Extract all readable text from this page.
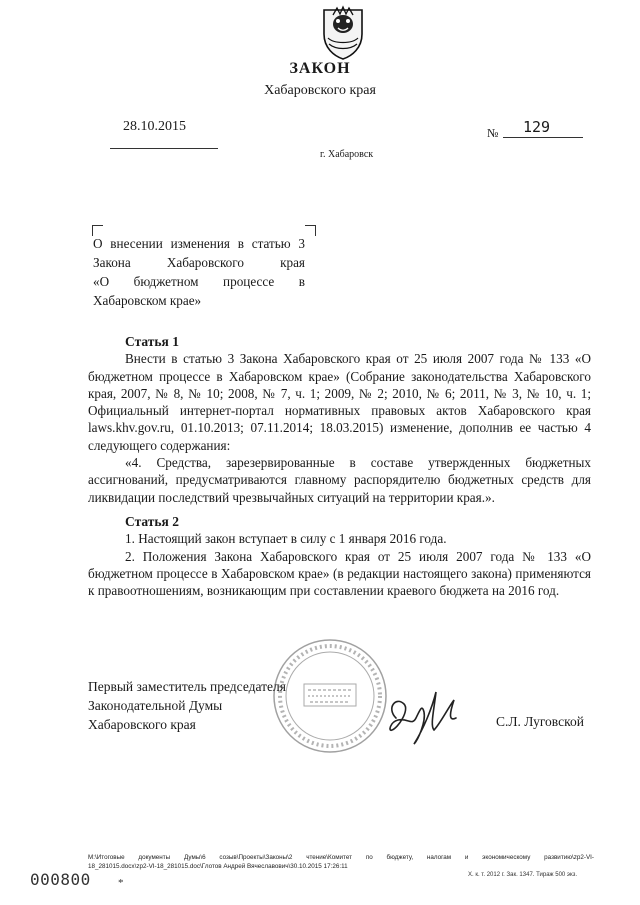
ЗАКОН
Хабаровского края
28.10.2015	№ 129
г. Хабаровск
О внесении изменения в статью 3
Закона Хабаровского края
«О бюджетном процессе в
Хабаровском крае»

Статья 1

Внести в статью 3 Закона Хабаровского края от 25 июля 2007 года № 133 «О бюджетном процессе в Хабаровском крае» (Собрание законодательства Хабаровского края, 2007, № 8, № 10; 2008, № 7, ч. 1; 2009, № 2; 2010, № 6; 2011, № 3, № 10, ч. 1; Официальный интернет-портал нормативных правовых актов Хабаровского края laws.khv.gov.ru, 01.10.2013; 07.11.2014; 18.03.2015) изменение, дополнив ее частью 4 следующего содержания:

«4. Средства, зарезервированные в составе утвержденных бюджетных ассигнований, предусматриваются главному распорядителю бюджетных средств для ликвидации последствий чрезвычайных ситуаций на территории края.».

Статья 2

1. Настоящий закон вступает в силу с 1 января 2016 года.

2. Положения Закона Хабаровского края от 25 июля 2007 года № 133 «О бюджетном процессе в Хабаровском крае» (в редакции настоящего закона) применяются к правоотношениям, возникающим при составлении краевого бюджета на 2016 год.

Первый заместитель председателя
Законодательной Думы
Хабаровского края	С.Л. Луговской
M:\Итоговые документы Думы\6 созыв\Проекты\Законы\2 чтение\Комитет по бюджету, налогам и экономическому развитию\zp2-VI-
18_281015.docx\zp2-VI-18_281015.doc\Глотов Андрей Вячеславович\30.10.2015 17:26:11
Х. к. т. 2012 г. Зак. 1347. Тираж 500 экз.
000800 *
